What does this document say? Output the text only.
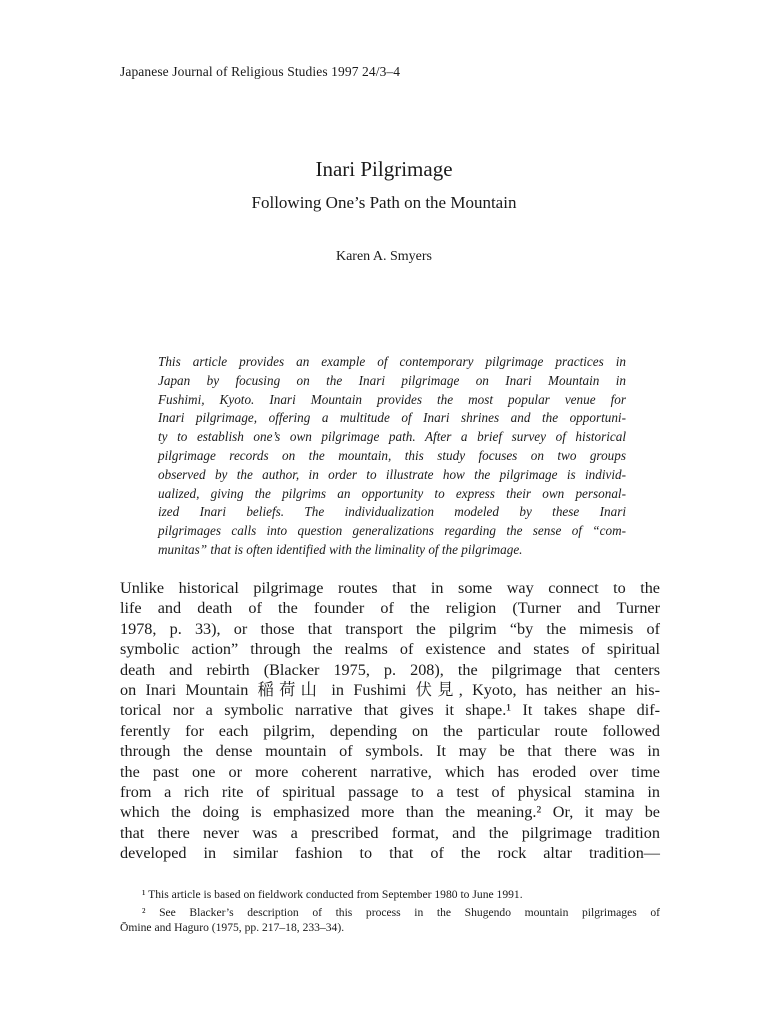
Japanese Journal of Religious Studies 1997 24/3–4
Inari Pilgrimage
Following One’s Path on the Mountain
Karen A. Smyers
This article provides an example of contemporary pilgrimage practices in
Japan by focusing on the Inari pilgrimage on Inari Mountain in
Fushimi, Kyoto. Inari Mountain provides the most popular venue for
Inari pilgrimage, offering a multitude of Inari shrines and the opportuni-
ty to establish one’s own pilgrimage path. After a brief survey of historical
pilgrimage records on the mountain, this study focuses on two groups
observed by the author, in order to illustrate how the pilgrimage is individ-
ualized, giving the pilgrims an opportunity to express their own personal-
ized Inari beliefs. The individualization modeled by these Inari
pilgrimages calls into question generalizations regarding the sense of “com-
munitas” that is often identified with the liminality of the pilgrimage.
Unlike historical pilgrimage routes that in some way connect to the
life and death of the founder of the religion (Turner and Turner
1978, p. 33), or those that transport the pilgrim “by the mimesis of
symbolic action” through the realms of existence and states of spiritual
death and rebirth (Blacker 1975, p. 208), the pilgrimage that centers
on Inari Mountain 稲荷山 in Fushimi 伏見, Kyoto, has neither an his-
torical nor a symbolic narrative that gives it shape.¹ It takes shape dif-
ferently for each pilgrim, depending on the particular route followed
through the dense mountain of symbols. It may be that there was in
the past one or more coherent narrative, which has eroded over time
from a rich rite of spiritual passage to a test of physical stamina in
which the doing is emphasized more than the meaning.² Or, it may be
that there never was a prescribed format, and the pilgrimage tradition
developed in similar fashion to that of the rock altar tradition—
¹ This article is based on fieldwork conducted from September 1980 to June 1991.
² See Blacker’s description of this process in the Shugendo mountain pilgrimages of
Ōmine and Haguro (1975, pp. 217–18, 233–34).
